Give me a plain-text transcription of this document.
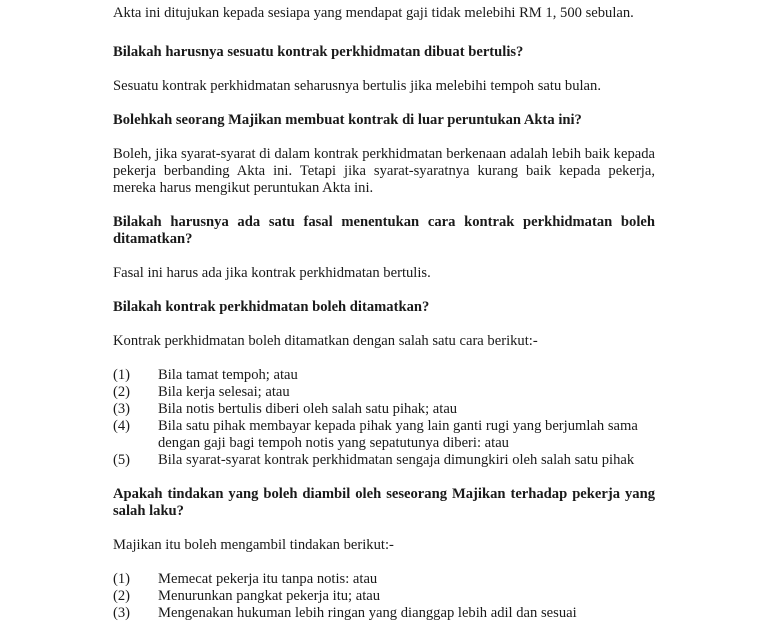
Akta ini ditujukan kepada sesiapa yang mendapat gaji tidak melebihi RM 1, 500 sebulan.

Bilakah harusnya sesuatu kontrak perkhidmatan dibuat bertulis?

Sesuatu kontrak perkhidmatan seharusnya bertulis jika melebihi tempoh satu bulan.

Bolehkah seorang Majikan membuat kontrak di luar peruntukan Akta ini?

Boleh, jika syarat-syarat di dalam kontrak perkhidmatan berkenaan adalah lebih baik kepada pekerja berbanding Akta ini. Tetapi jika syarat-syaratnya kurang baik kepada pekerja, mereka harus mengikut peruntukan Akta ini.

Bilakah harusnya ada satu fasal menentukan cara kontrak perkhidmatan boleh ditamatkan?

Fasal ini harus ada jika kontrak perkhidmatan bertulis.

Bilakah kontrak perkhidmatan boleh ditamatkan?

Kontrak perkhidmatan boleh ditamatkan dengan salah satu cara berikut:-

(1)	Bila tamat tempoh; atau
(2)	Bila kerja selesai; atau
(3)	Bila notis bertulis diberi oleh salah satu pihak; atau
(4)	Bila satu pihak membayar kepada pihak yang lain ganti rugi yang berjumlah sama dengan gaji bagi tempoh notis yang sepatutunya diberi: atau
(5)	Bila syarat-syarat kontrak perkhidmatan sengaja dimungkiri oleh salah satu pihak

Apakah tindakan yang boleh diambil oleh seseorang Majikan terhadap pekerja yang salah laku?

Majikan itu boleh mengambil tindakan berikut:-

(1)	Memecat pekerja itu tanpa notis: atau
(2)	Menurunkan pangkat pekerja itu; atau
(3)	Mengenakan hukuman lebih ringan yang dianggap lebih adil dan sesuai
